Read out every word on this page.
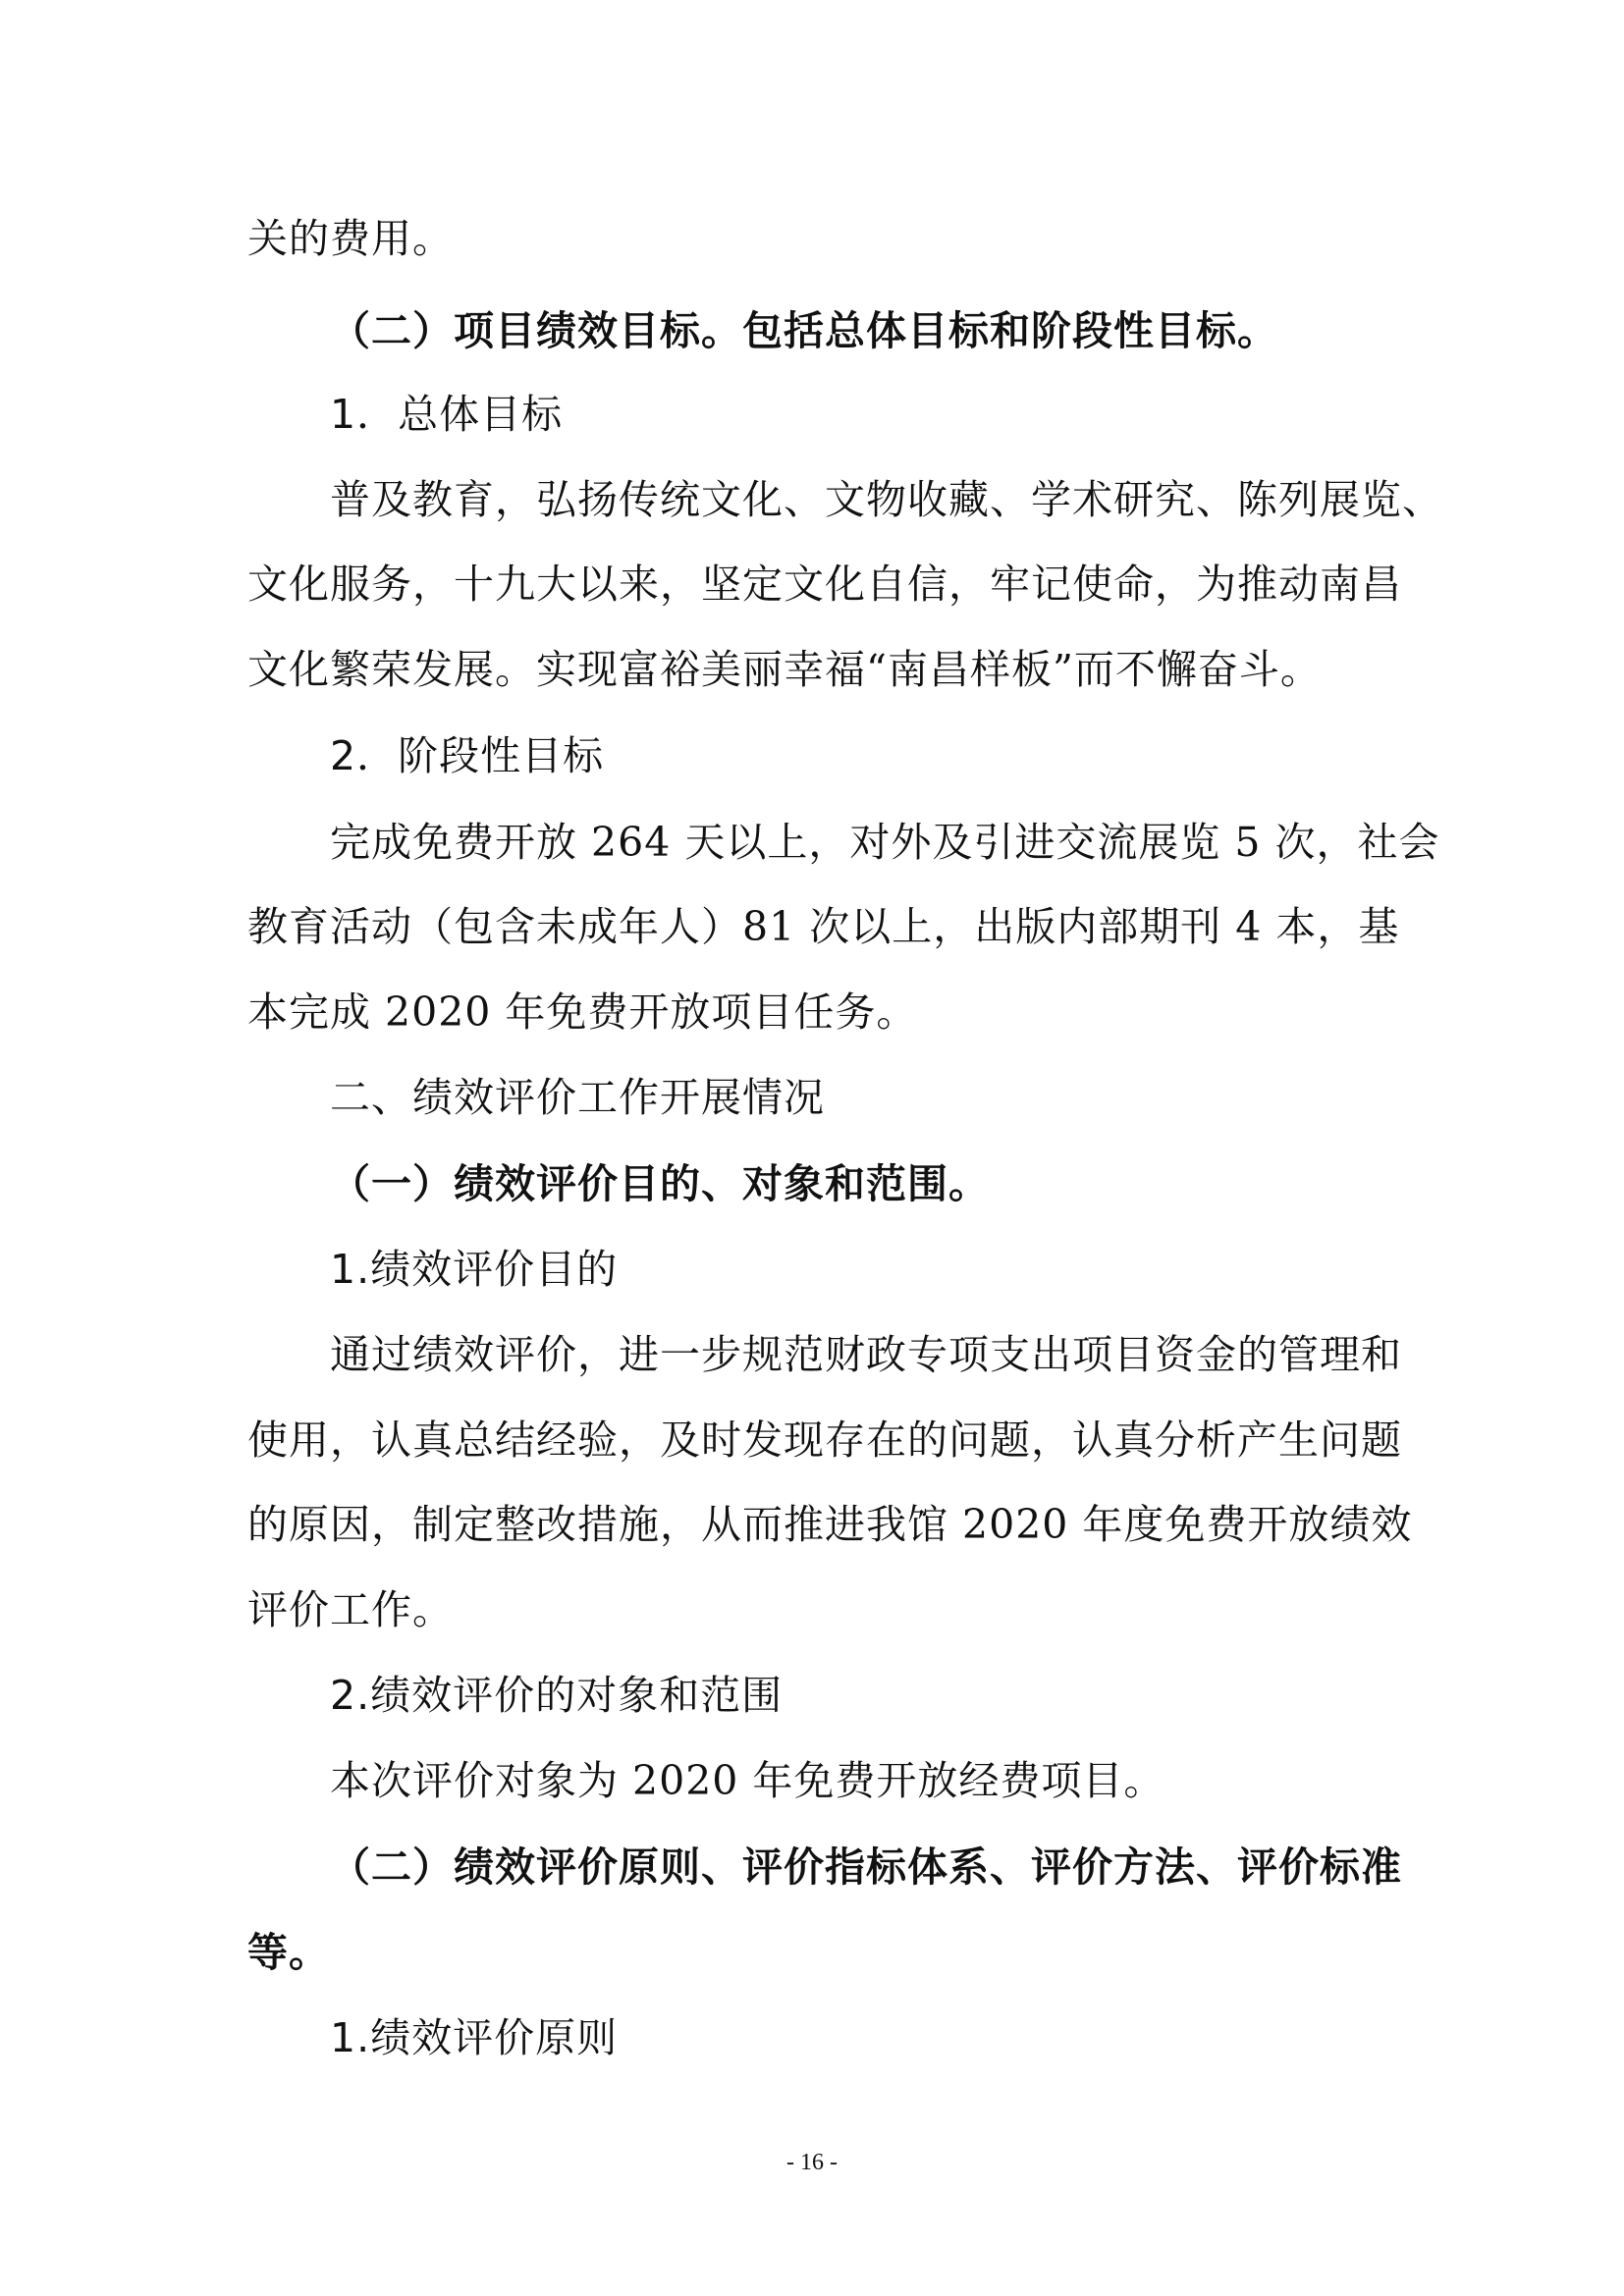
关的费用。
（二）项目绩效目标。包括总体目标和阶段性目标。
1．总体目标
普及教育，弘扬传统文化、文物收藏、学术研究、陈列展览、
文化服务，十九大以来，坚定文化自信，牢记使命，为推动南昌
文化繁荣发展。实现富裕美丽幸福“南昌样板”而不懈奋斗。
2．阶段性目标
完成免费开放 264 天以上，对外及引进交流展览 5 次，社会
教育活动（包含未成年人）81 次以上，出版内部期刊 4 本，基
本完成 2020 年免费开放项目任务。
二、绩效评价工作开展情况
（一）绩效评价目的、对象和范围。
1.绩效评价目的
通过绩效评价，进一步规范财政专项支出项目资金的管理和
使用，认真总结经验，及时发现存在的问题，认真分析产生问题
的原因，制定整改措施，从而推进我馆 2020 年度免费开放绩效
评价工作。
2.绩效评价的对象和范围
本次评价对象为 2020 年免费开放经费项目。
（二）绩效评价原则、评价指标体系、评价方法、评价标准
等。
1.绩效评价原则
- 16 -
